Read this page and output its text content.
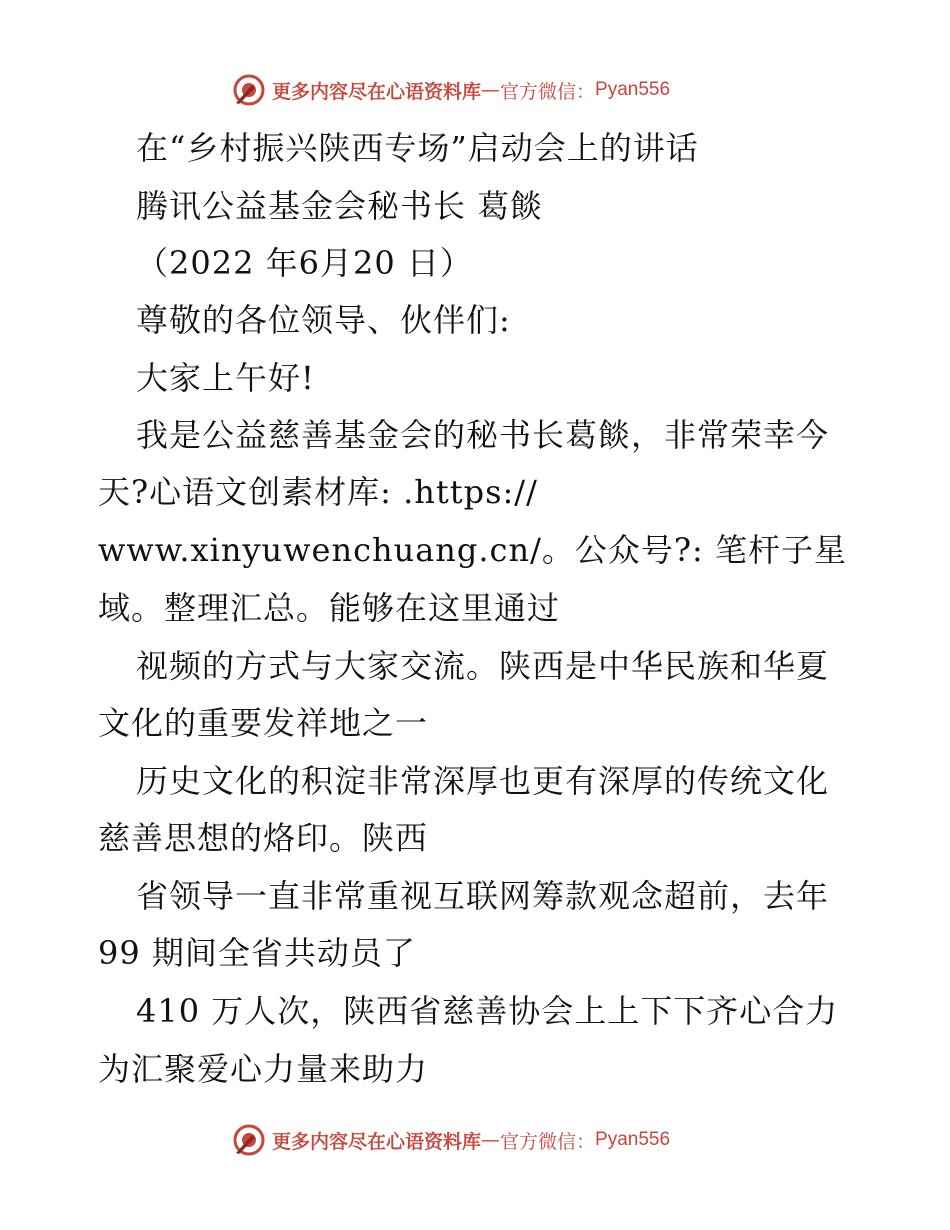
更多内容尽在心语资料库 — 官方微信： Pyan556
在“乡村振兴陕西专场”启动会上的讲话
腾讯公益基金会秘书长 葛餤
（2022 年6月20 日）
尊敬的各位领导、伙伴们:
大家上午好!
我是公益慈善基金会的秘书长葛餤，非常荣幸今
天?心语文创素材库: .https://
www.xinyuwenchuang.cn/。公众号?: 笔杆子星
域。整理汇总。能够在这里通过
视频的方式与大家交流。陕西是中华民族和华夏
文化的重要发祥地之一
历史文化的积淀非常深厚也更有深厚的传统文化
慈善思想的烙印。陕西
省领导一直非常重视互联网筹款观念超前，去年
99 期间全省共动员了
410 万人次，陕西省慈善协会上上下下齐心合力
为汇聚爱心力量来助力
更多内容尽在心语资料库 — 官方微信： Pyan556
